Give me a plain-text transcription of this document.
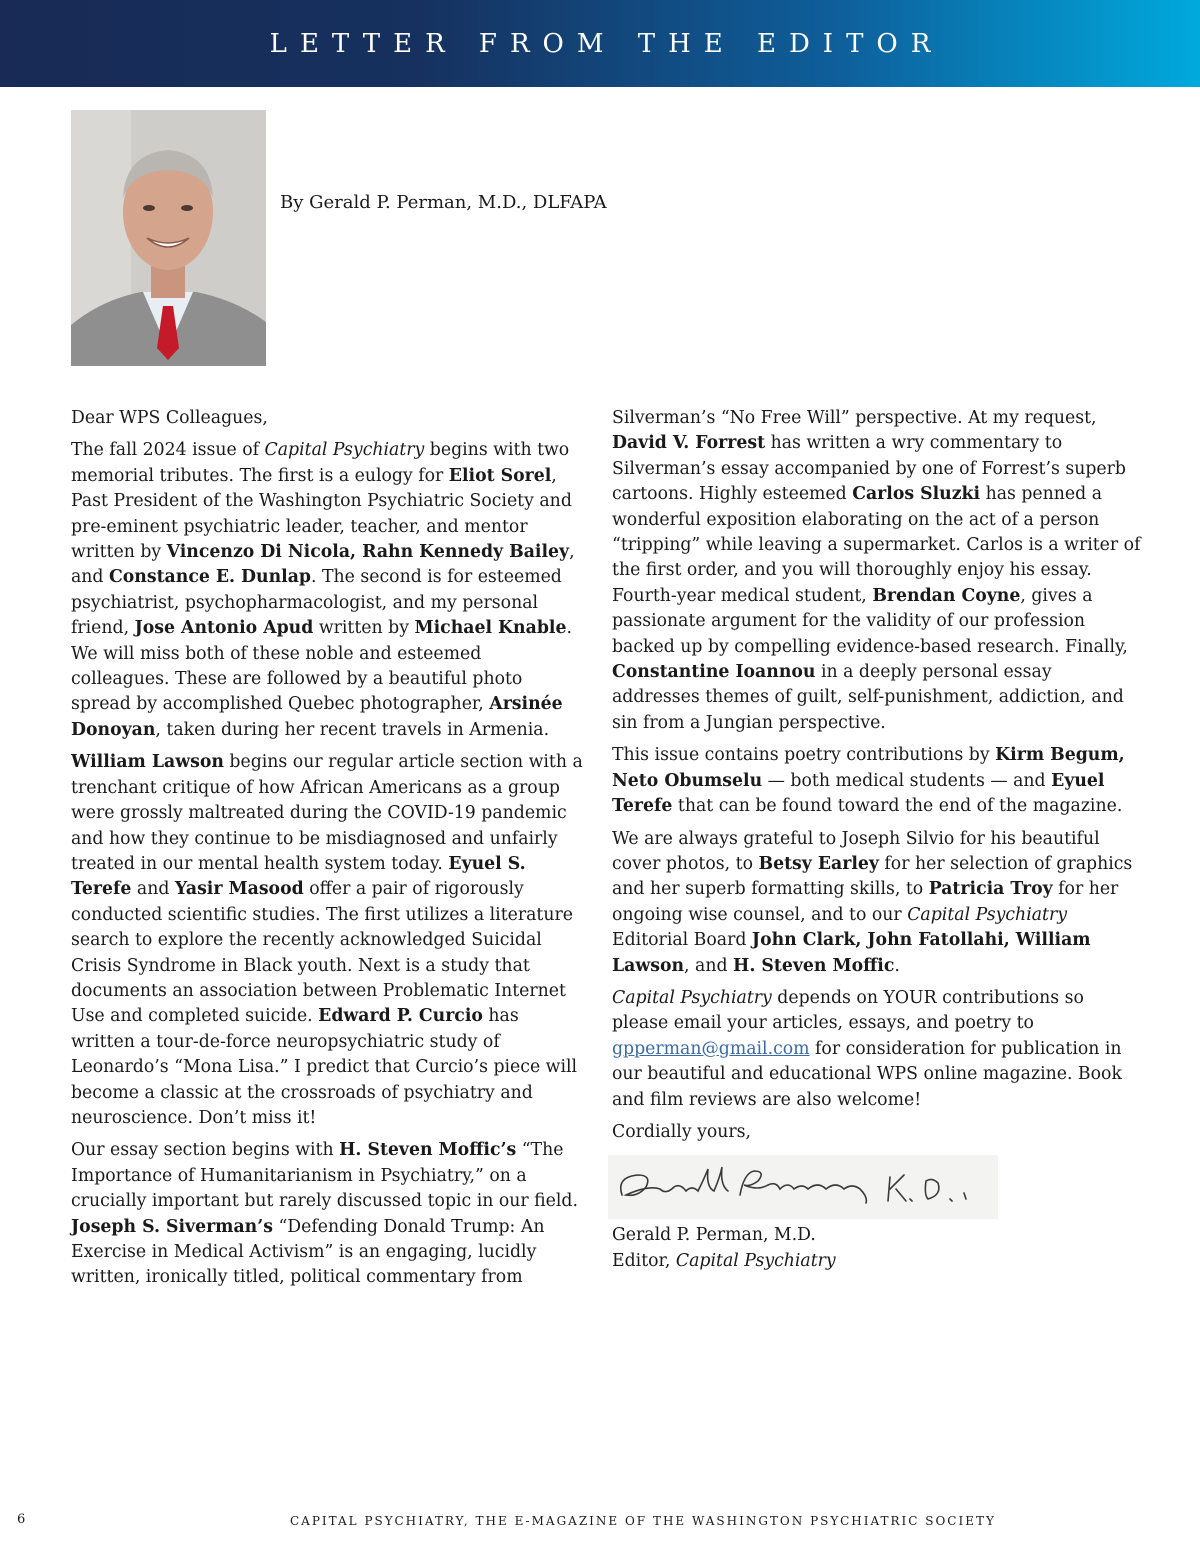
LETTER FROM THE EDITOR

By Gerald P. Perman, M.D., DLFAPA

Dear WPS Colleagues,

The fall 2024 issue of Capital Psychiatry begins with two memorial tributes. The first is a eulogy for Eliot Sorel, Past President of the Washington Psychiatric Society and pre-eminent psychiatric leader, teacher, and mentor written by Vincenzo Di Nicola, Rahn Kennedy Bailey, and Constance E. Dunlap. The second is for esteemed psychiatrist, psychopharmacologist, and my personal friend, Jose Antonio Apud written by Michael Knable. We will miss both of these noble and esteemed colleagues. These are followed by a beautiful photo spread by accomplished Quebec photographer, Arsinée Donoyan, taken during her recent travels in Armenia.

William Lawson begins our regular article section with a trenchant critique of how African Americans as a group were grossly maltreated during the COVID-19 pandemic and how they continue to be misdiagnosed and unfairly treated in our mental health system today. Eyuel S. Terefe and Yasir Masood offer a pair of rigorously conducted scientific studies. The first utilizes a literature search to explore the recently acknowledged Suicidal Crisis Syndrome in Black youth. Next is a study that documents an association between Problematic Internet Use and completed suicide. Edward P. Curcio has written a tour-de-force neuropsychiatric study of Leonardo’s “Mona Lisa.” I predict that Curcio’s piece will become a classic at the crossroads of psychiatry and neuroscience. Don’t miss it!

Our essay section begins with H. Steven Moffic’s “The Importance of Humanitarianism in Psychiatry,” on a crucially important but rarely discussed topic in our field. Joseph S. Siverman’s “Defending Donald Trump: An Exercise in Medical Activism” is an engaging, lucidly written, ironically titled, political commentary from

Silverman’s “No Free Will” perspective. At my request, David V. Forrest has written a wry commentary to Silverman’s essay accompanied by one of Forrest’s superb cartoons. Highly esteemed Carlos Sluzki has penned a wonderful exposition elaborating on the act of a person “tripping” while leaving a supermarket. Carlos is a writer of the first order, and you will thoroughly enjoy his essay. Fourth-year medical student, Brendan Coyne, gives a passionate argument for the validity of our profession backed up by compelling evidence-based research. Finally, Constantine Ioannou in a deeply personal essay addresses themes of guilt, self-punishment, addiction, and sin from a Jungian perspective.

This issue contains poetry contributions by Kirm Begum, Neto Obumselu — both medical students — and Eyuel Terefe that can be found toward the end of the magazine.

We are always grateful to Joseph Silvio for his beautiful cover photos, to Betsy Earley for her selection of graphics and her superb formatting skills, to Patricia Troy for her ongoing wise counsel, and to our Capital Psychiatry Editorial Board John Clark, John Fatollahi, William Lawson, and H. Steven Moffic.

Capital Psychiatry depends on YOUR contributions so please email your articles, essays, and poetry to gpperman@gmail.com for consideration for publication in our beautiful and educational WPS online magazine. Book and film reviews are also welcome!

Cordially yours,

Gerald P. Perman, M.D.

Editor, Capital Psychiatry

6	CAPITAL PSYCHIATRY, THE E-MAGAZINE OF THE WASHINGTON PSYCHIATRIC SOCIETY
